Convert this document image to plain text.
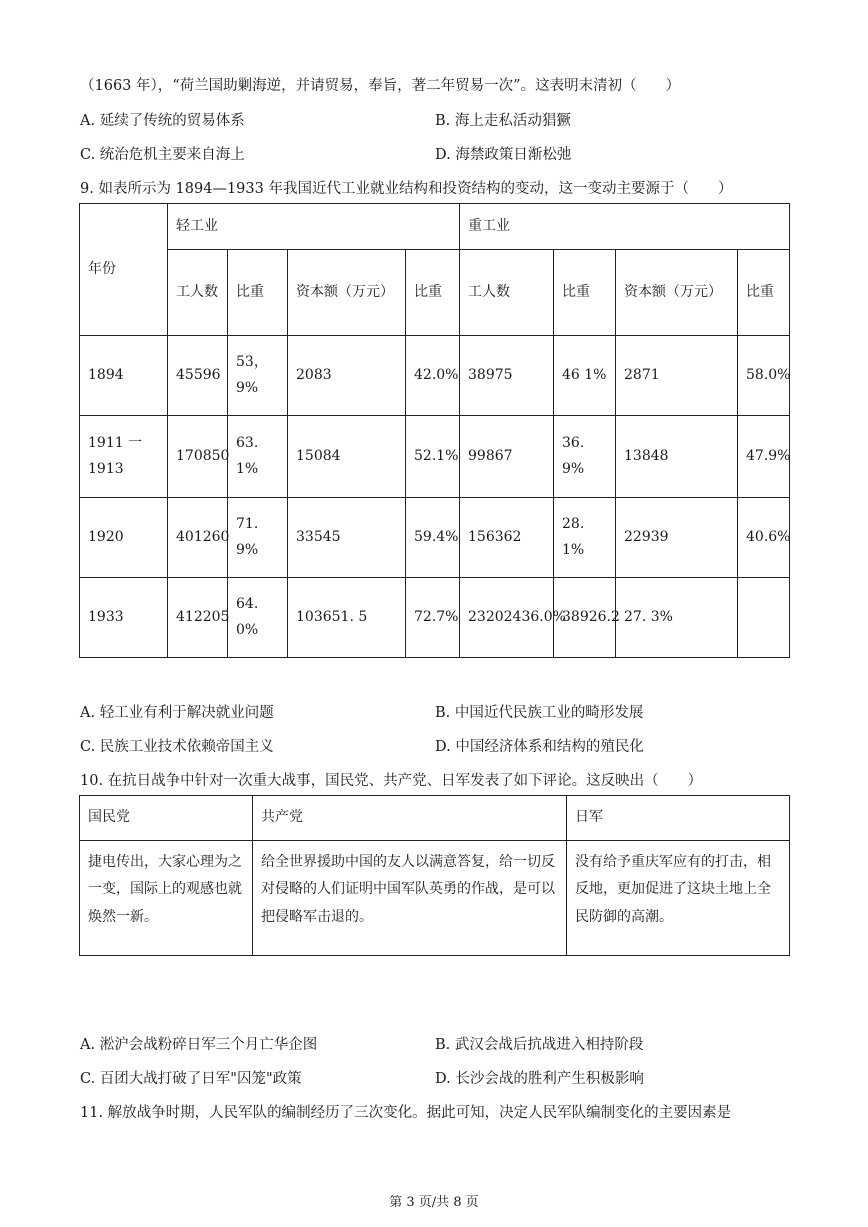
（1663 年），“荷兰国助剿海逆，并请贸易，奉旨，著二年贸易一次”。这表明末清初（　　）
A. 延续了传统的贸易体系	B. 海上走私活动猖獗
C. 统治危机主要来自海上	D. 海禁政策日渐松弛
9. 如表所示为 1894—1933 年我国近代工业就业结构和投资结构的变动，这一变动主要源于（　　）
年份	轻工业				重工业			
	工人数	比重	资本额（万元）	比重	工人数	比重	资本额（万元）	比重
1894	45596	53，9%	2083	42.0%	38975	46 1%	2871	58.0%
1911 一1913	170850	63. 1%	15084	52.1%	99867	36. 9%	13848	47.9%
1920	401260	71. 9%	33545	59.4%	156362	28. 1%	22939	40.6%
1933	412205	64. 0%	103651. 5	72.7%	23202436.0%	38926.2	27. 3%	
A. 轻工业有利于解决就业问题	B. 中国近代民族工业的畸形发展
C. 民族工业技术依赖帝国主义	D. 中国经济体系和结构的殖民化
10. 在抗日战争中针对一次重大战事，国民党、共产党、日军发表了如下评论。这反映出（　　）
国民党	共产党	日军
捷电传出，大家心理为之一变，国际上的观感也就焕然一新。	给全世界援助中国的友人以满意答复，给一切反对侵略的人们证明中国军队英勇的作战，是可以把侵略军击退的。	没有给予重庆军应有的打击，相反地，更加促进了这块土地上全民防御的高潮。
A. 淞沪会战粉碎日军三个月亡华企图	B. 武汉会战后抗战进入相持阶段
C. 百团大战打破了日军"囚笼"政策	D. 长沙会战的胜利产生积极影响
11. 解放战争时期，人民军队的编制经历了三次变化。据此可知，决定人民军队编制变化的主要因素是
第 3 页/共 8 页
